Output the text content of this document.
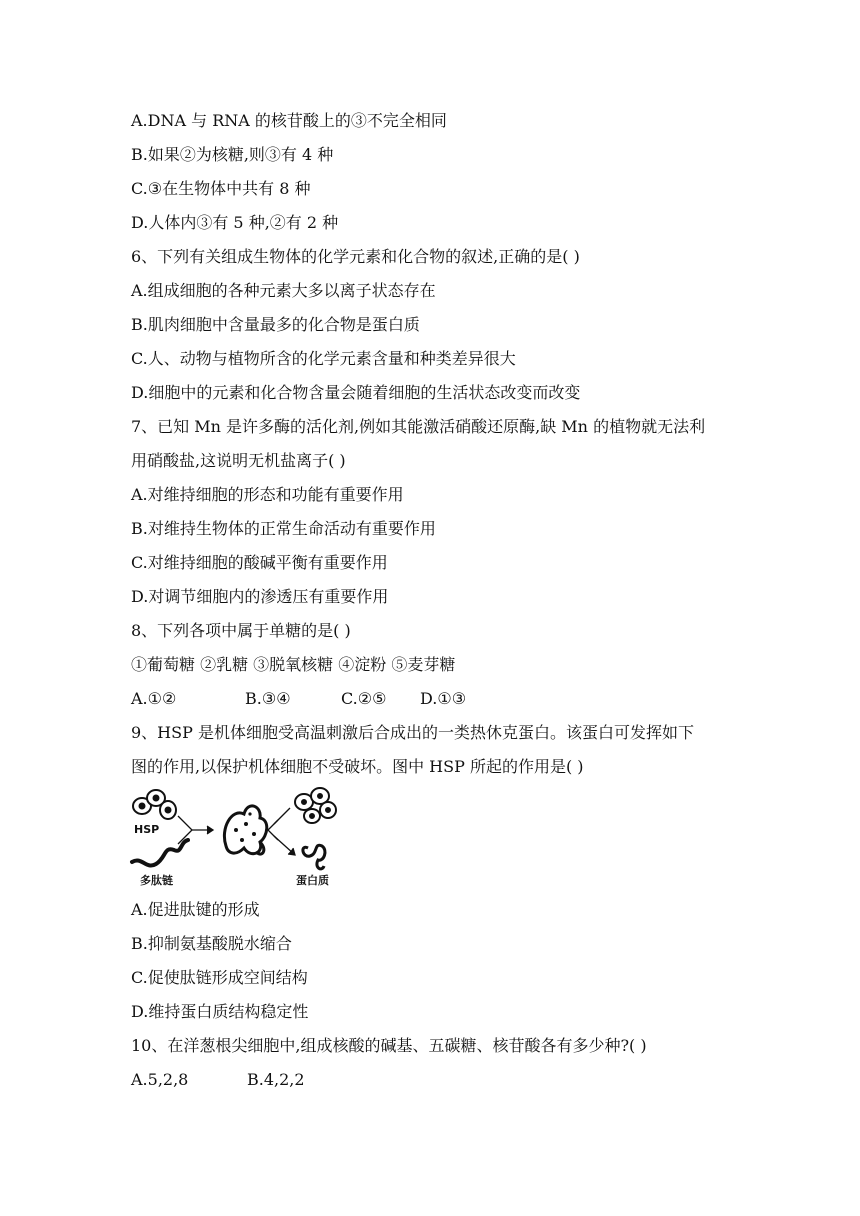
A.DNA 与 RNA 的核苷酸上的③不完全相同
B.如果②为核糖,则③有 4 种
C.③在生物体中共有 8 种
D.人体内③有 5 种,②有 2 种
6、下列有关组成生物体的化学元素和化合物的叙述,正确的是( )
A.组成细胞的各种元素大多以离子状态存在
B.肌肉细胞中含量最多的化合物是蛋白质
C.人、动物与植物所含的化学元素含量和种类差异很大
D.细胞中的元素和化合物含量会随着细胞的生活状态改变而改变
7、已知 Mn 是许多酶的活化剂,例如其能激活硝酸还原酶,缺 Mn 的植物就无法利
用硝酸盐,这说明无机盐离子( )
A.对维持细胞的形态和功能有重要作用
B.对维持生物体的正常生命活动有重要作用
C.对维持细胞的酸碱平衡有重要作用
D.对调节细胞内的渗透压有重要作用
8、下列各项中属于单糖的是( )
①葡萄糖 ②乳糖 ③脱氧核糖 ④淀粉 ⑤麦芽糖
A.①②	B.③④	C.②⑤ D.①③
9、HSP 是机体细胞受高温刺激后合成出的一类热休克蛋白。该蛋白可发挥如下
图的作用,以保护机体细胞不受破坏。图中 HSP 所起的作用是( )
HSP
多肽链	蛋白质
A.促进肽键的形成
B.抑制氨基酸脱水缩合
C.促使肽链形成空间结构
D.维持蛋白质结构稳定性
10、在洋葱根尖细胞中,组成核酸的碱基、五碳糖、核苷酸各有多少种?( )
A.5,2,8	B.4,2,2
